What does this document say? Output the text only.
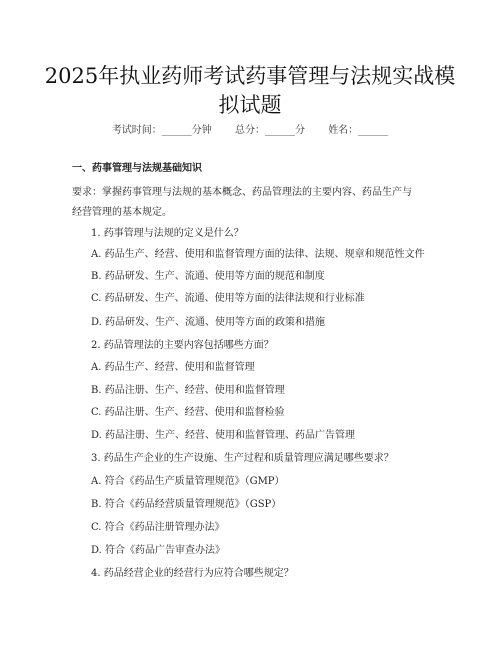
2025年执业药师考试药事管理与法规实战模
拟试题
考试时间：______分钟 总分：______分 姓名：______
一、药事管理与法规基础知识
要求：掌握药事管理与法规的基本概念、药品管理法的主要内容、药品生产与
经营管理的基本规定。
1. 药事管理与法规的定义是什么？
A. 药品生产、经营、使用和监督管理方面的法律、法规、规章和规范性文件
B. 药品研发、生产、流通、使用等方面的规范和制度
C. 药品研发、生产、流通、使用等方面的法律法规和行业标准
D. 药品研发、生产、流通、使用等方面的政策和措施
2. 药品管理法的主要内容包括哪些方面？
A. 药品生产、经营、使用和监督管理
B. 药品注册、生产、经营、使用和监督管理
C. 药品注册、生产、经营、使用和监督检验
D. 药品注册、生产、经营、使用和监督管理、药品广告管理
3. 药品生产企业的生产设施、生产过程和质量管理应满足哪些要求？
A. 符合《药品生产质量管理规范》（GMP）
B. 符合《药品经营质量管理规范》（GSP）
C. 符合《药品注册管理办法》
D. 符合《药品广告审查办法》
4. 药品经营企业的经营行为应符合哪些规定？
